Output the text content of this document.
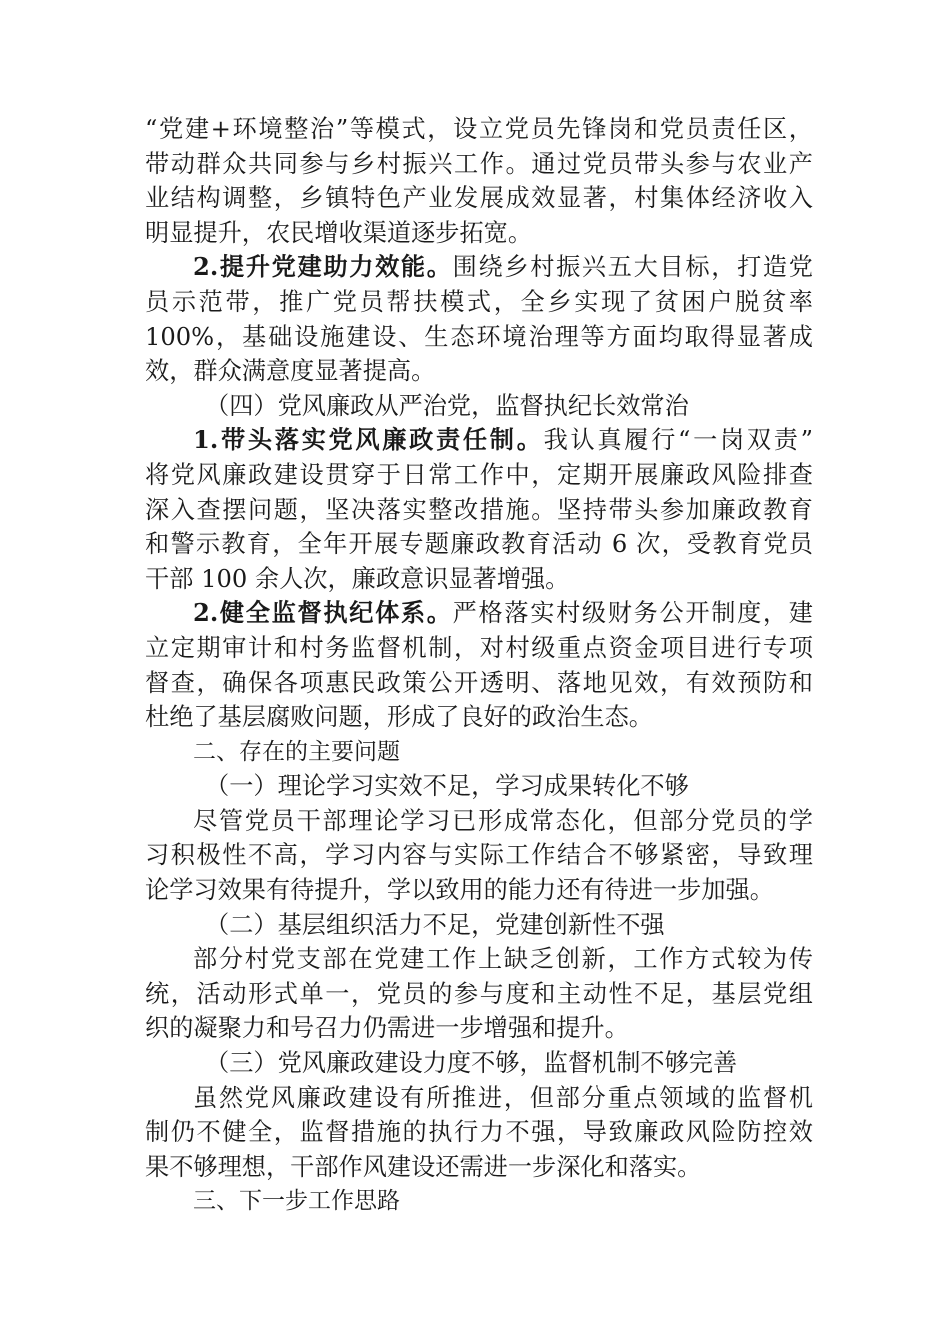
“党建+环境整治”等模式，设立党员先锋岗和党员责任区，
带动群众共同参与乡村振兴工作。通过党员带头参与农业产
业结构调整，乡镇特色产业发展成效显著，村集体经济收入
明显提升，农民增收渠道逐步拓宽。
2.提升党建助力效能。围绕乡村振兴五大目标，打造党
员示范带，推广党员帮扶模式，全乡实现了贫困户脱贫率
100%，基础设施建设、生态环境治理等方面均取得显著成
效，群众满意度显著提高。
（四）党风廉政从严治党，监督执纪长效常治
1.带头落实党风廉政责任制。我认真履行“一岗双责”
将党风廉政建设贯穿于日常工作中，定期开展廉政风险排查
深入查摆问题，坚决落实整改措施。坚持带头参加廉政教育
和警示教育，全年开展专题廉政教育活动 6 次，受教育党员
干部 100 余人次，廉政意识显著增强。
2.健全监督执纪体系。严格落实村级财务公开制度，建
立定期审计和村务监督机制，对村级重点资金项目进行专项
督查，确保各项惠民政策公开透明、落地见效，有效预防和
杜绝了基层腐败问题，形成了良好的政治生态。
二、存在的主要问题
（一）理论学习实效不足，学习成果转化不够
尽管党员干部理论学习已形成常态化，但部分党员的学
习积极性不高，学习内容与实际工作结合不够紧密，导致理
论学习效果有待提升，学以致用的能力还有待进一步加强。
（二）基层组织活力不足，党建创新性不强
部分村党支部在党建工作上缺乏创新，工作方式较为传
统，活动形式单一，党员的参与度和主动性不足，基层党组
织的凝聚力和号召力仍需进一步增强和提升。
（三）党风廉政建设力度不够，监督机制不够完善
虽然党风廉政建设有所推进，但部分重点领域的监督机
制仍不健全，监督措施的执行力不强，导致廉政风险防控效
果不够理想，干部作风建设还需进一步深化和落实。
三、下一步工作思路
